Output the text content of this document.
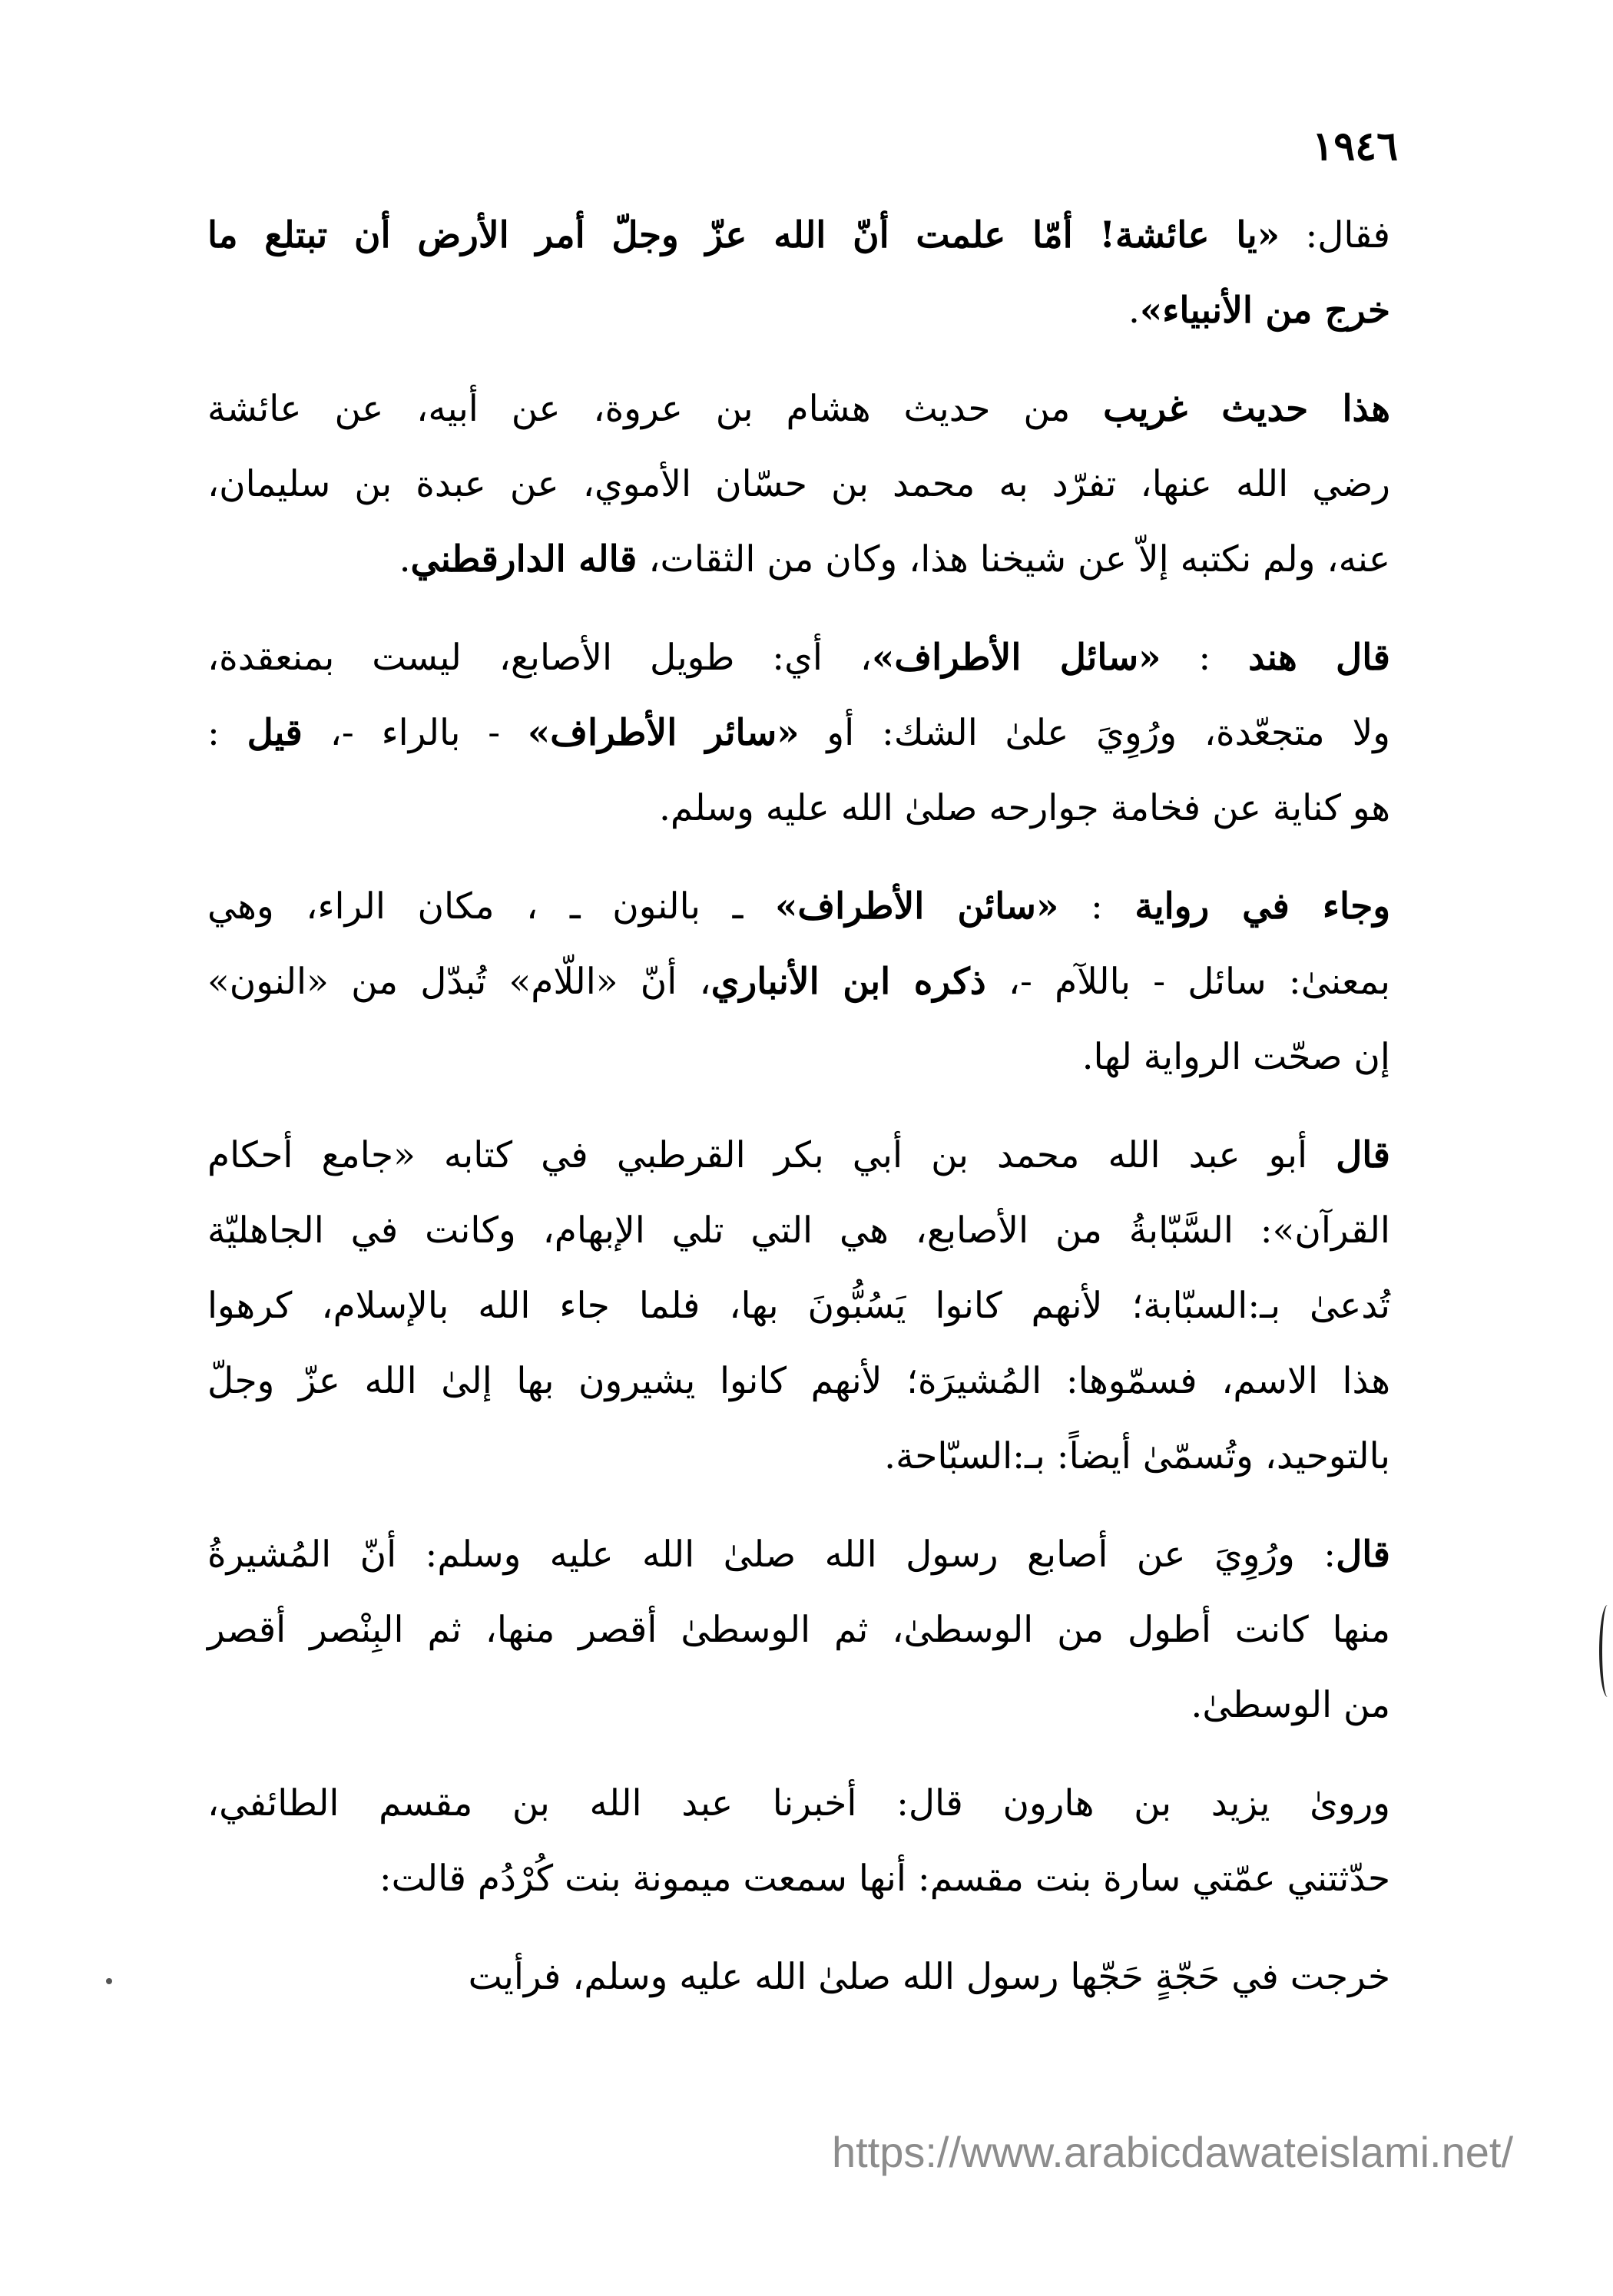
١٩٤٦

فقال: «يا عائشة! أمّا علمت أنّ الله عزّ وجلّ أمر الأرض أن تبتلع ما

خرج من الأنبياء».

هذا حديث غريب من حديث هشام بن عروة، عن أبيه، عن عائشة

رضي الله عنها، تفرّد به محمد بن حسّان الأموي، عن عبدة بن سليمان،

عنه، ولم نكتبه إلاّ عن شيخنا هذا، وكان من الثقات، قاله الدارقطني.

قال هند : «سائل الأطراف»، أي: طويل الأصابع، ليست بمنعقدة،

ولا متجعّدة، ورُوِيَ علىٰ الشك: أو «سائر الأطراف» - بالراء -، قيل :

هو كناية عن فخامة جوارحه صلىٰ الله عليه وسلم.

وجاء في رواية : «سائن الأطراف» ـ بالنون ـ ، مكان الراء، وهي

بمعنىٰ: سائل - باللآم -، ذكره ابن الأنباري، أنّ «اللّام» تُبدّل من «النون»

إن صحّت الرواية لها.

قال أبو عبد الله محمد بن أبي بكر القرطبي في كتابه «جامع أحكام

القرآن»: السَّبّابةُ من الأصابع، هي التي تلي الإبهام، وكانت في الجاهليّة

تُدعىٰ بـ:السبّابة؛ لأنهم كانوا يَسُبُّونَ بها، فلما جاء الله بالإسلام، كرهوا

هذا الاسم، فسمّوها: المُشيرَة؛ لأنهم كانوا يشيرون بها إلىٰ الله عزّ وجلّ

بالتوحيد، وتُسمّىٰ أيضاً: بـ:السبّاحة.

قال: ورُوِيَ عن أصابع رسول الله صلىٰ الله عليه وسلم: أنّ المُشيرةُ

منها كانت أطول من الوسطىٰ، ثم الوسطىٰ أقصر منها، ثم البِنْصر أقصر

من الوسطىٰ.

وروىٰ يزيد بن هارون قال: أخبرنا عبد الله بن مقسم الطائفي،

حدّثتني عمّتي سارة بنت مقسم: أنها سمعت ميمونة بنت كُرْدُم قالت:

خرجت في حَجّةٍ حَجّها رسول الله صلىٰ الله عليه وسلم، فرأيت

https://www.arabicdawateislami.net/
